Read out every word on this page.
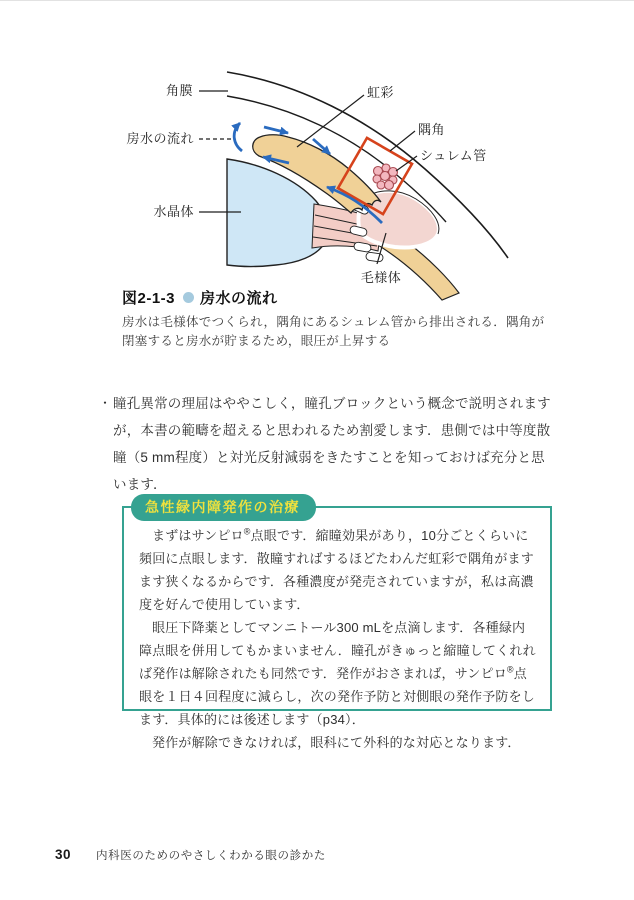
角膜
房水の流れ
水晶体
虹彩
隅角
シュレム管
毛様体
図2-1-3 房水の流れ
房水は毛様体でつくられ，隅角にあるシュレム管から排出される．隅角が閉塞すると房水が貯まるため，眼圧が上昇する
・ 瞳孔異常の理屈はややこしく，瞳孔ブロックという概念で説明されますが，本書の範疇を超えると思われるため割愛します．患側では中等度散瞳（5 mm程度）と対光反射減弱をきたすことを知っておけば充分と思います．
急性緑内障発作の治療

まずはサンピロ®点眼です．縮瞳効果があり，10分ごとくらいに頻回に点眼します．散瞳すればするほどたわんだ虹彩で隅角がますます狭くなるからです．各種濃度が発売されていますが，私は高濃度を好んで使用しています．

眼圧下降薬としてマンニトール300 mLを点滴します．各種緑内障点眼を併用してもかまいません．瞳孔がきゅっと縮瞳してくれれば発作は解除されたも同然です．発作がおさまれば，サンピロ®点眼を１日４回程度に減らし，次の発作予防と対側眼の発作予防をします．具体的には後述します（p34）．

発作が解除できなければ，眼科にて外科的な対応となります．

30 内科医のためのやさしくわかる眼の診かた
